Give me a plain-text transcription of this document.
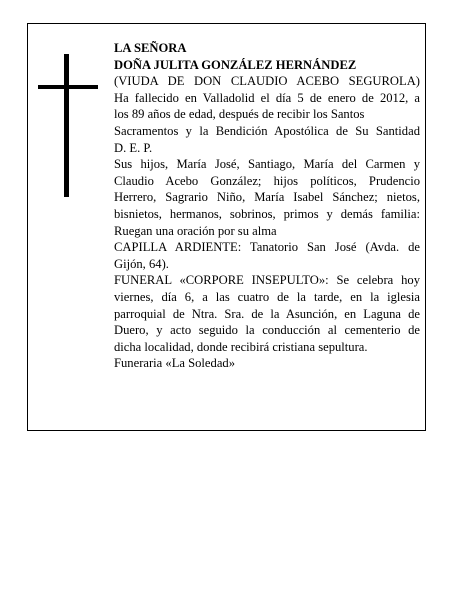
LA SEÑORA
DOÑA JULITA GONZÁLEZ HERNÁNDEZ
(VIUDA DE DON CLAUDIO ACEBO SEGUROLA)
Ha fallecido en Valladolid el día 5 de enero de 2012, a
los 89 años de edad, después de recibir los Santos
Sacramentos y la Bendición Apostólica de Su Santidad
D. E. P.
Sus hijos, María José, Santiago, María del Carmen y
Claudio Acebo González; hijos políticos, Prudencio
Herrero, Sagrario Niño, María Isabel Sánchez; nietos,
bisnietos, hermanos, sobrinos, primos y demás familia:
Ruegan una oración por su alma
CAPILLA ARDIENTE: Tanatorio San José (Avda. de
Gijón, 64).
FUNERAL «CORPORE INSEPULTO»: Se celebra hoy
viernes, día 6, a las cuatro de la tarde, en la iglesia
parroquial de Ntra. Sra. de la Asunción, en Laguna de
Duero, y acto seguido la conducción al cementerio de
dicha localidad, donde recibirá cristiana sepultura.
Funeraria «La Soledad»
